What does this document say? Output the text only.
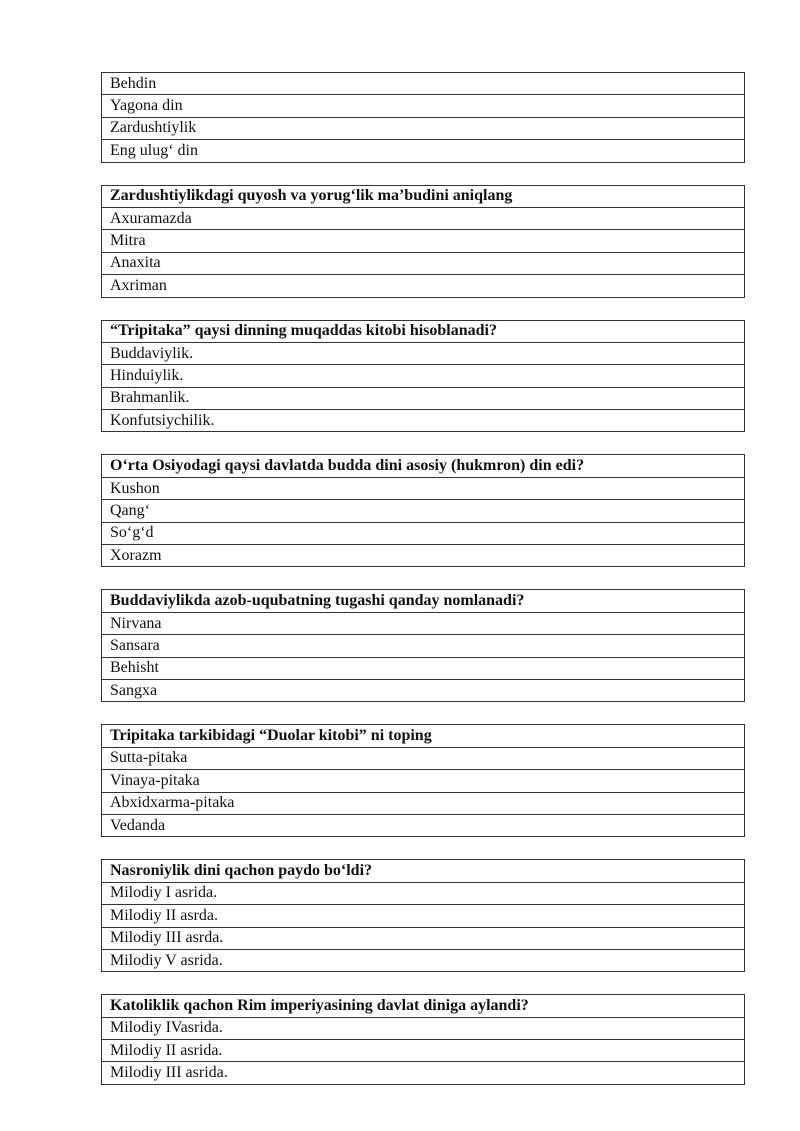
Behdin
Yagona din
Zardushtiylik
Eng ulug‘ din
Zardushtiylikdagi quyosh va yorug‘lik ma’budini aniqlang
Axuramazda
Mitra
Anaxita
Axriman
“Tripitaka” qaysi dinning muqaddas kitobi hisoblanadi?
Buddaviylik.
Hinduiylik.
Brahmanlik.
Konfutsiychilik.
O‘rta Osiyodagi qaysi davlatda budda dini asosiy (hukmron) din edi?
Kushon
Qang‘
So‘g‘d
Xorazm
Buddaviylikda azob-uqubatning tugashi qanday nomlanadi?
Nirvana
Sansara
Behisht
Sangxa
Tripitaka tarkibidagi “Duolar kitobi” ni toping
Sutta-pitaka
Vinaya-pitaka
Abxidxarma-pitaka
Vedanda
Nasroniylik dini qachon paydo bo‘ldi?
Milodiy I asrida.
Milodiy II asrda.
Milodiy III asrda.
Milodiy V asrida.
Katoliklik qachon Rim imperiyasining davlat diniga aylandi?
Milodiy IVasrida.
Milodiy II asrida.
Milodiy III asrida.
